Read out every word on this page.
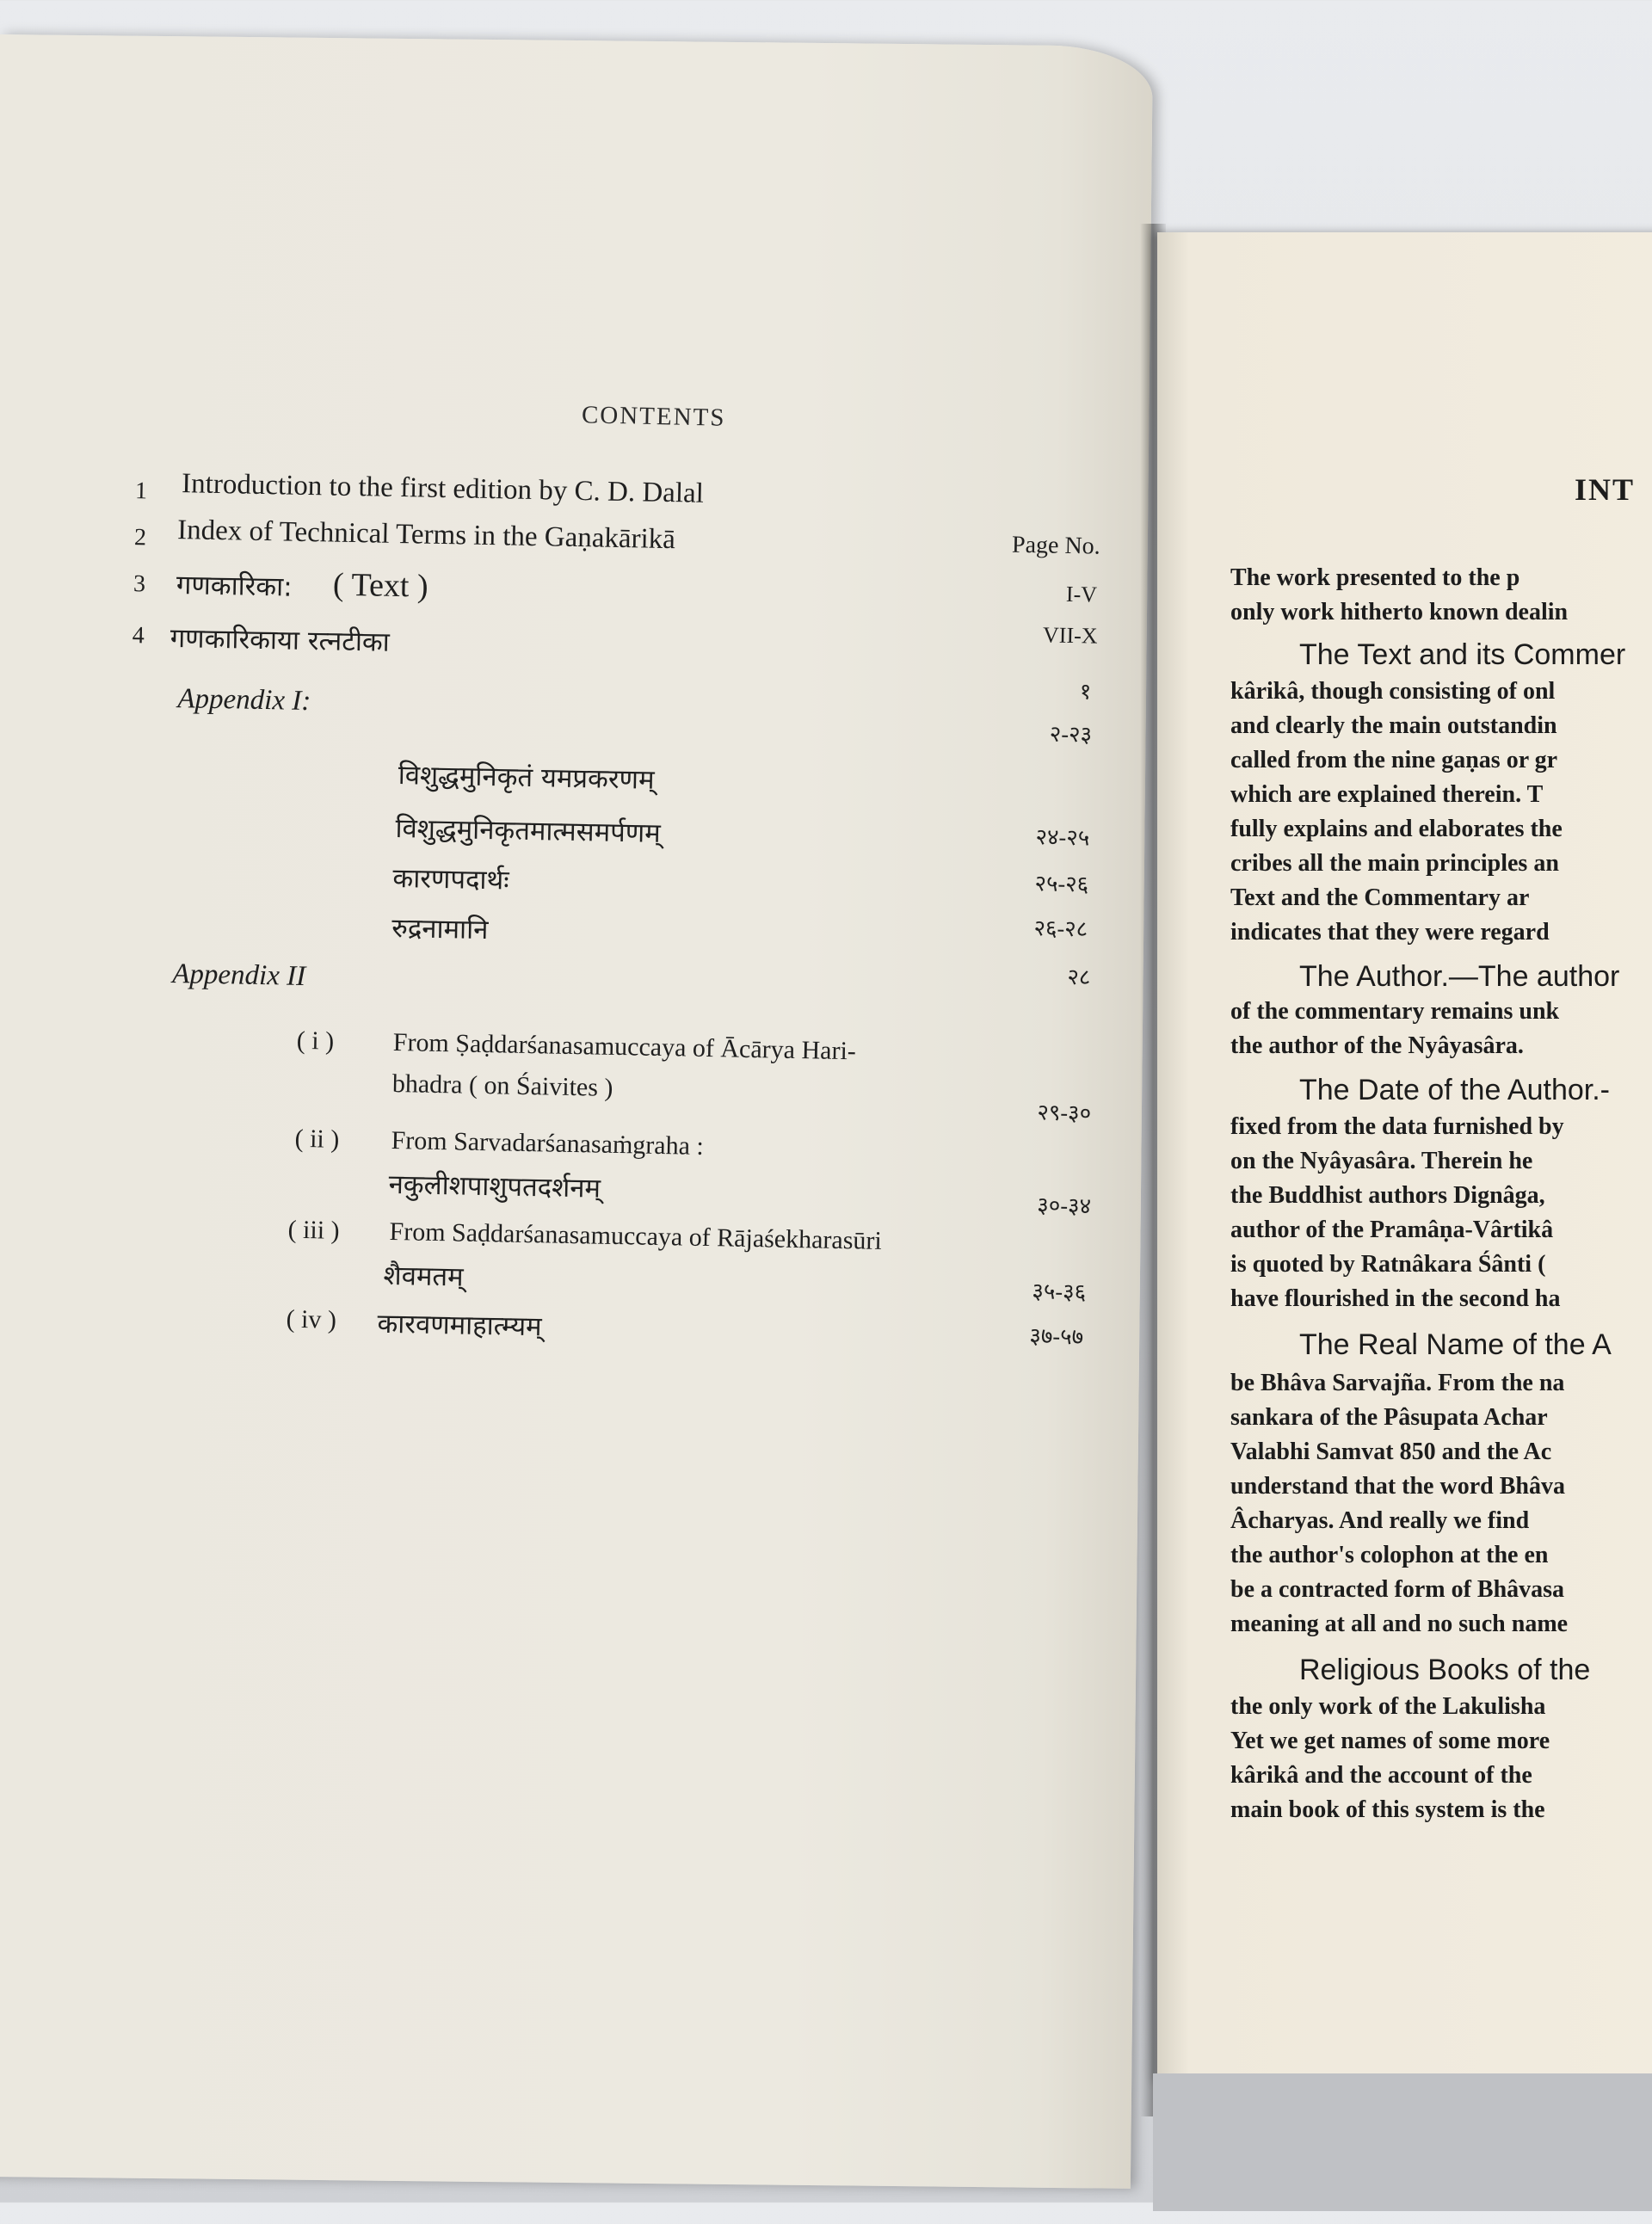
CONTENTS
Page No.
1 Introduction to the first edition by C. D. Dalal
I-V
2 Index of Technical Terms in the Gaṇakārikā
VII-X
3 गणकारिका: ( Text )
१
4 गणकारिकाया रत्नटीका
२-२३
Appendix I:
विशुद्धमुनिकृतं यमप्रकरणम्
२४-२५
विशुद्धमुनिकृतमात्मसमर्पणम्
२५-२६
कारणपदार्थः
२६-२८
रुद्रनामानि
२८
Appendix II
( i ) From Ṣaḍdarśanasamuccaya of Ācārya Hari-
bhadra ( on Śaivites )
२९-३०
( ii ) From Sarvadarśanasaṁgraha :
नकुलीशपाशुपतदर्शनम्
३०-३४
( iii ) From Saḍdarśanasamuccaya of Rājaśekharasūri
शैवमतम्	३५-३६
( iv ) कारवणमाहात्म्यम्	३७-५७
INT
The work presented to the p
only work hitherto known dealin
The Text and its Commer
kârikâ, though consisting of onl
and clearly the main outstandin
called from the nine gaṇas or gr
which are explained therein. T
fully explains and elaborates the
cribes all the main principles an
Text and the Commentary ar
indicates that they were regard
The Author.—The author
of the commentary remains unk
the author of the Nyâyasâra.
The Date of the Author.-
fixed from the data furnished by
on the Nyâyasâra. Therein he
the Buddhist authors Dignâga,
author of the Pramâṇa-Vârtikâ
is quoted by Ratnâkara Śânti (
have flourished in the second ha
The Real Name of the A
be Bhâva Sarvajña. From the na
sankara of the Pâsupata Achar
Valabhi Samvat 850 and the Ac
understand that the word Bhâva
Âcharyas. And really we find
the author's colophon at the en
be a contracted form of Bhâvasa
meaning at all and no such name
Religious Books of the
the only work of the Lakulisha
Yet we get names of some more
kârikâ and the account of the
main book of this system is the
